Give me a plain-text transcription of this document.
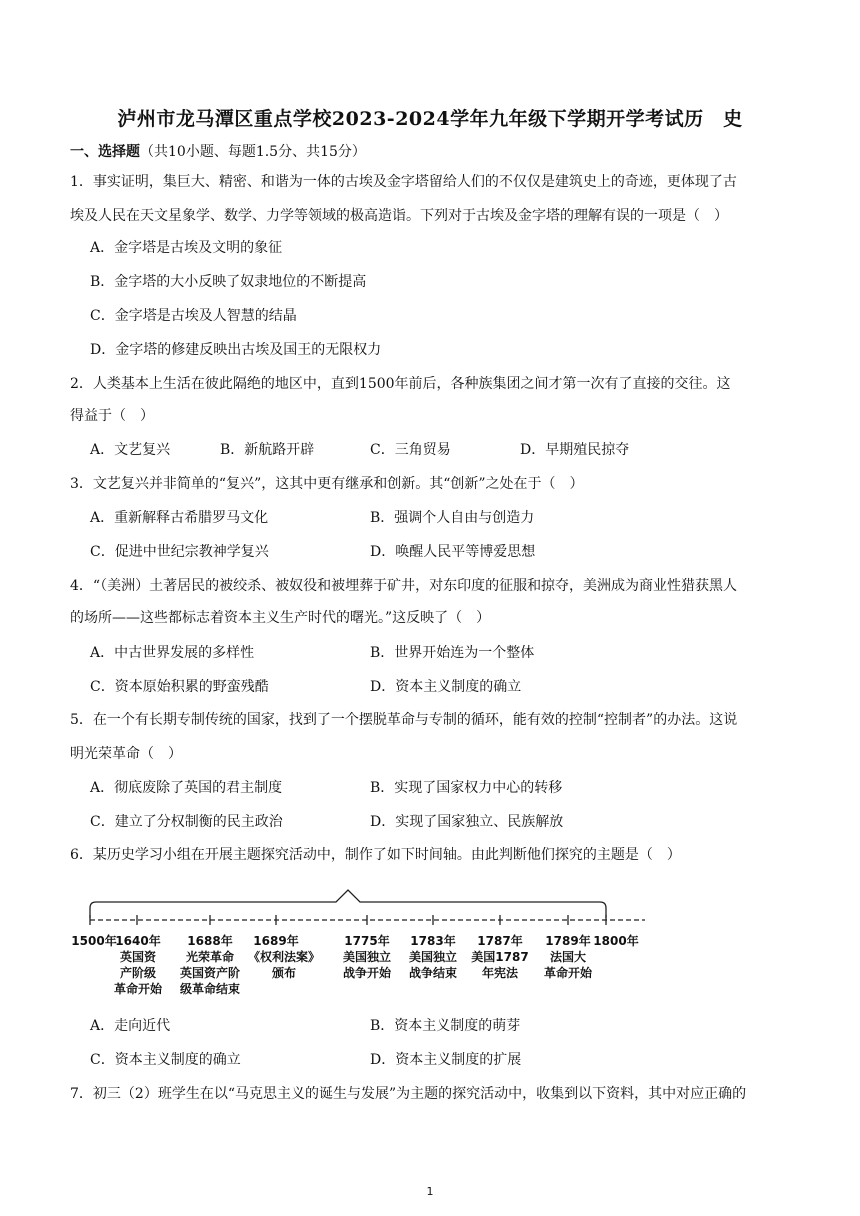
泸州市龙马潭区重点学校2023-2024学年九年级下学期开学考试历　史
一、选择题（共10小题、每题1.5分、共15分）
1．事实证明，集巨大、精密、和谐为一体的古埃及金字塔留给人们的不仅仅是建筑史上的奇迹，更体现了古
埃及人民在天文星象学、数学、力学等领域的极高造诣。下列对于古埃及金字塔的理解有误的一项是（　）
A．金字塔是古埃及文明的象征
B．金字塔的大小反映了奴隶地位的不断提高
C．金字塔是古埃及人智慧的结晶
D．金字塔的修建反映出古埃及国王的无限权力
2．人类基本上生活在彼此隔绝的地区中，直到1500年前后，各种族集团之间才第一次有了直接的交往。这
得益于（　）
A．文艺复兴	B．新航路开辟	C．三角贸易	D．早期殖民掠夺
3．文艺复兴并非简单的“复兴”，这其中更有继承和创新。其“创新”之处在于（　）
A．重新解释古希腊罗马文化	B．强调个人自由与创造力
C．促进中世纪宗教神学复兴	D．唤醒人民平等博爱思想
4．“（美洲）土著居民的被绞杀、被奴役和被埋葬于矿井，对东印度的征服和掠夺，美洲成为商业性猎获黑人
的场所——这些都标志着资本主义生产时代的曙光。”这反映了（　）
A．中古世界发展的多样性	B．世界开始连为一个整体
C．资本原始积累的野蛮残酷	D．资本主义制度的确立
5．在一个有长期专制传统的国家，找到了一个摆脱革命与专制的循环，能有效的控制“控制者”的办法。这说
明光荣革命（　）
A．彻底废除了英国的君主制度	B．实现了国家权力中心的转移
C．建立了分权制衡的民主政治	D．实现了国家独立、民族解放
6．某历史学习小组在开展主题探究活动中，制作了如下时间轴。由此判断他们探究的主题是（　）
1500年
1640年 1688年 1689年	1775年 1783年 1787年 1789年 1800年
英国资
产阶级
革命开始
光荣革命
英国资产阶
级革命结束
《权利法案》
颁布
美国独立
战争开始
美国独立
战争结束
美国1787
年宪法
法国大
革命开始
A．走向近代	B．资本主义制度的萌芽
C．资本主义制度的确立	D．资本主义制度的扩展
7．初三（2）班学生在以“马克思主义的诞生与发展”为主题的探究活动中，收集到以下资料，其中对应正确的
1
